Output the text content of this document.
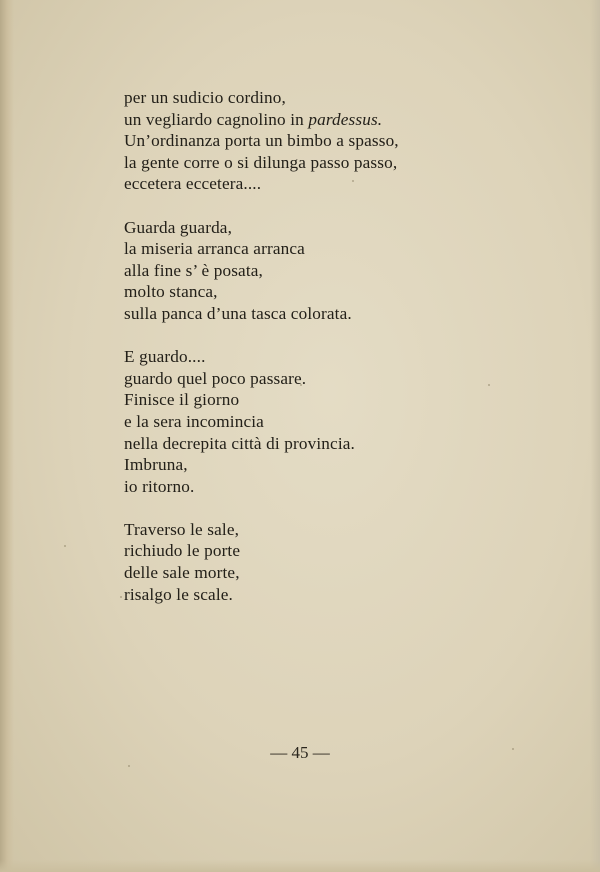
per un sudicio cordino,
un vegliardo cagnolino in pardessus.
Un’ordinanza porta un bimbo a spasso,
la gente corre o si dilunga passo passo,
eccetera eccetera....
Guarda guarda,
la miseria arranca arranca
alla fine s’ è posata,
molto stanca,
sulla panca d’una tasca colorata.
E guardo....
guardo quel poco passare.
Finisce il giorno
e la sera incomincia
nella decrepita città di provincia.
Imbruna,
io ritorno.
Traverso le sale,
richiudo le porte
delle sale morte,
risalgo le scale.
— 45 —
